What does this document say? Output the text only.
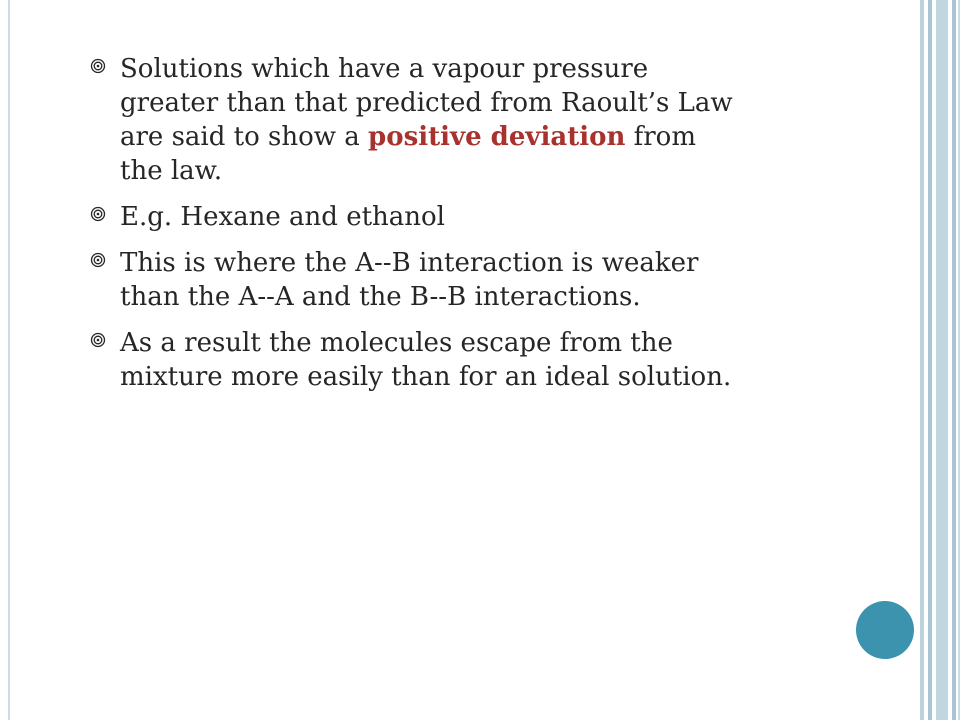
Solutions which have a vapour pressure greater than that predicted from Raoult’s Law are said to show a positive deviation from the law.
E.g. Hexane and ethanol
This is where the A--B interaction is weaker than the A--A and the B--B interactions.
As a result the molecules escape from the mixture more easily than for an ideal solution.
